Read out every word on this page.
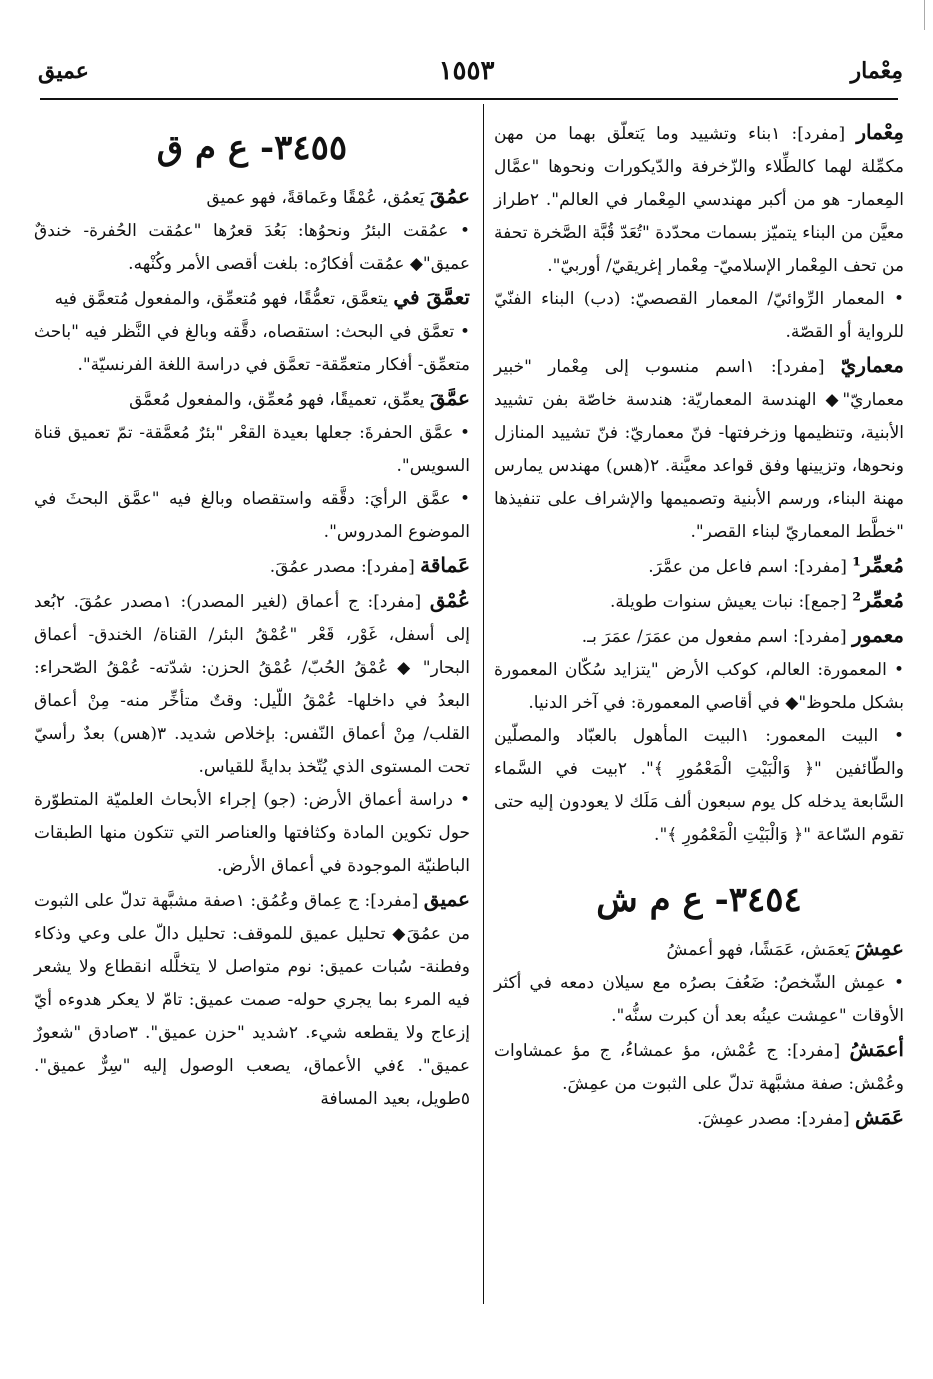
١٥٥٣	مِعْمار
عميق

مِعْمار [مفرد]: ١بناء وتشييد وما يَتعلّق بهما من مهن مكمِّلة لهما كالطِّلاء والزّخرفة والدّيكورات ونحوها "عمَّال المِعمار- هو من أكبر مهندسي المِعْمار في العالم". ٢طراز معيَّن من البناء يتميّز بسمات محدّدة "تُعَدّ قُبَّة الصَّخرة تحفة من تحف المِعْمار الإسلاميّ- مِعْمار إغريقيّ/ أوربيّ".

• المعمار الرِّوائيّ/ المعمار القصصيّ: (دب) البناء الفنّيّ للرواية أو القصّة.

معماريّ [مفرد]: ١اسم منسوب إلى مِعْمار "خبير معماريّ"◆ الهندسة المعماريّة: هندسة خاصّة بفن تشييد الأبنية، وتنظيمها وزخرفتها- فنّ معماريّ: فنّ تشييد المنازل ونحوها، وتزيينها وفق قواعد معيَّنة. ٢(هس) مهندس يمارس مهنة البناء، ورسم الأبنية وتصميمها والإشراف على تنفيذها "خطَّط المعماريّ لبناء القصر".

مُعمِّر¹ [مفرد]: اسم فاعل من عمَّرَ.

مُعمِّر² [جمع]: نبات يعيش سنوات طويلة.

معمور [مفرد]: اسم مفعول من عمَرَ/ عمَرَ بـ.

• المعمورة: العالم، كوكب الأرض "يتزايد سُكّان المعمورة بشكل ملحوظ"◆ في أقاصي المعمورة: في آخر الدنيا.

• البيت المعمور: ١البيت المأهول بالعبّاد والمصلّين والطّائفين "﴿ وَالْبَيْتِ الْمَعْمُورِ ﴾". ٢بيت في السَّماء السَّابعة يدخله كل يوم سبعون ألف مَلَك لا يعودون إليه حتى تقوم السّاعة "﴿ وَالْبَيْتِ الْمَعْمُورِ ﴾".

٣٤٥٤- ع م ش

عمِشَ يَعمَش، عَمَشًا، فهو أعمشُ

• عمِش الشّخصُ: ضَعُفَ بصرُه مع سيلان دمعه في أكثر الأوقات "عمِشت عينُه بعد أن كبرت سنُّه".

أعمَشُ [مفرد]: ج عُمْش، مؤ عمشاءُ، ج مؤ عمشاوات وعُمْش: صفة مشبَّهة تدلّ على الثبوت من عمِشَ.

عَمَش [مفرد]: مصدر عمِشَ.

٣٤٥٥- ع م ق

عمُقَ يَعمُق، عُمْقًا وعَماقةً، فهو عميق

• عمُقت البئرُ ونحوُها: بَعُدَ قعرُها "عمُقت الحُفرة- خندقٌ عميق"◆ عمُقت أفكارُه: بلغت أقصى الأمر وكُنْهه.

تعمَّقَ في يتعمَّق، تعمُّقًا، فهو مُتعمِّق، والمفعول مُتعمَّق فيه

• تعمَّق في البحث: استقصاه، دقَّقه وبالغ في النَّظر فيه "باحث متعمِّق- أفكار متعمِّقة- تعمَّق في دراسة اللغة الفرنسيّة".

عمَّقَ يعمِّق، تعميقًا، فهو مُعمِّق، والمفعول مُعمَّق

• عمَّق الحفرةَ: جعلها بعيدة القعْر "بئرٌ مُعمَّقة- تمّ تعميق قناة السويس".

• عمَّق الرأيَ: دقَّقه واستقصاه وبالغ فيه "عمَّق البحثَ في الموضوع المدروس".

عَماقة [مفرد]: مصدر عمُقَ.

عُمْق [مفرد]: ج أعماق (لغير المصدر): ١مصدر عمُقَ. ٢بُعد إلى أسفل، غَوْر، قَعْر "عُمْقُ البئر/ القناة/ الخندق- أعماق البحار" ◆ عُمْقُ الحُبّ/ عُمْقُ الحزن: شدّته- عُمْقُ الصّحراء: البعدُ في داخلها- عُمْقُ اللّيل: وقتٌ متأخِّر منه- مِنْ أعماق القلب/ مِنْ أعماق النّفس: بإخلاص شديد. ٣(هس) بعدٌ رأسيّ تحت المستوى الذي يُتّخذ بدايةً للقياس.

• دراسة أعماق الأرض: (جو) إجراء الأبحاث العلميّة المتطوّرة حول تكوين المادة وكثافتها والعناصر التي تتكون منها الطبقات الباطنيّة الموجودة في أعماق الأرض.

عميق [مفرد]: ج عِماق وعُمُق: ١صفة مشبَّهة تدلّ على الثبوت من عمُقَ◆ تحليل عميق للموقف: تحليل دالّ على وعي وذكاء وفطنة- سُبات عميق: نوم متواصل لا يتخلَّله انقطاع ولا يشعر فيه المرء بما يجري حوله- صمت عميق: تامّ لا يعكر هدوءه أيّ إزعاج ولا يقطعه شيء. ٢شديد "حزن عميق". ٣صادق "شعورٌ عميق". ٤في الأعماق، يصعب الوصول إليه "سِرٌّ عميق". ٥طويل، بعيد المسافة
